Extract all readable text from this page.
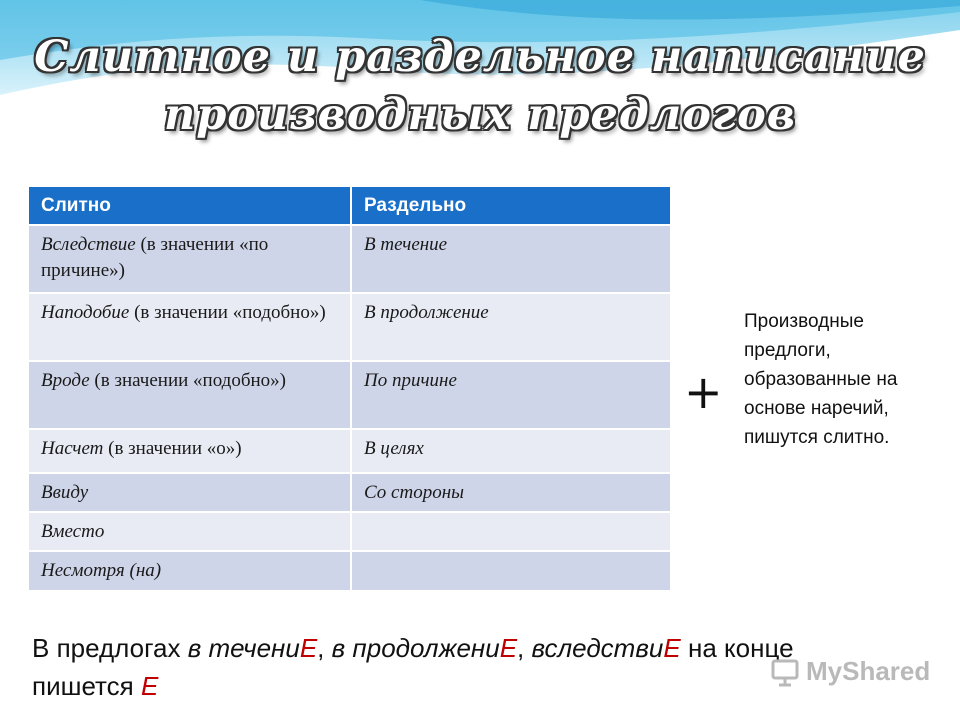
Слитное и раздельное написание
производных предлогов
Слитно	Раздельно
Вследствие (в значении «по причине»)	В течение
Наподобие (в значении «подобно»)	В продолжение
Вроде (в значении «подобно»)	По причине
Насчет (в значении «о»)	В целях
Ввиду	Со стороны
Вместо	
Несмотря (на)	
+
Производные предлоги, образованные на основе наречий, пишутся слитно.
В предлогах в течениЕ, в продолжениЕ, вследствиЕ на конце пишется Е	MyShared
